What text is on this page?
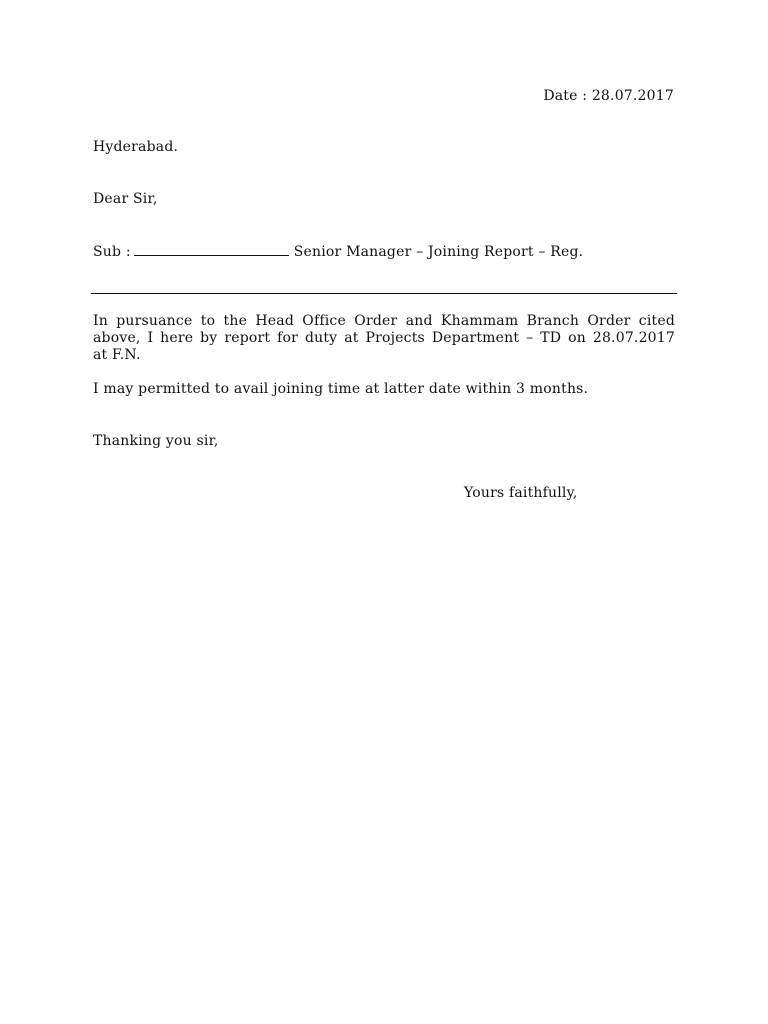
Date : 28.07.2017
Hyderabad.
Dear Sir,
Sub :	Senior Manager – Joining Report – Reg.
In pursuance to the Head Office Order and Khammam Branch Order cited
above, I here by report for duty at Projects Department – TD on 28.07.2017
at F.N.
I may permitted to avail joining time at latter date within 3 months.
Thanking you sir,
Yours faithfully,
